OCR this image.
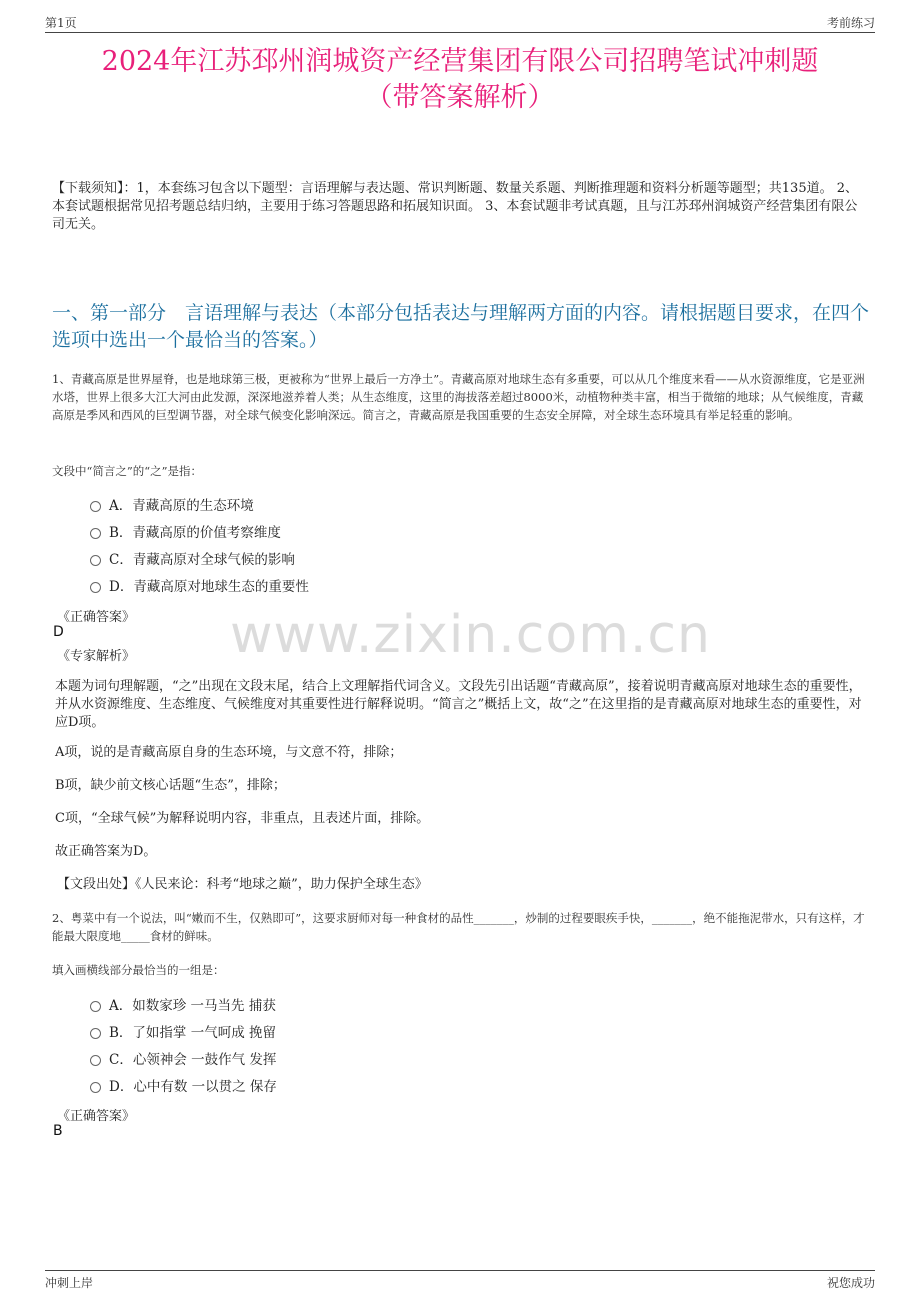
第1页	考前练习
2024年江苏邳州润城资产经营集团有限公司招聘笔试冲刺题
（带答案解析）
【下载须知】：1，本套练习包含以下题型：言语理解与表达题、常识判断题、数量关系题、判断推理题和资料分析题等题型；共135道。 2、本套试题根据常见招考题总结归纳，主要用于练习答题思路和拓展知识面。 3、本套试题非考试真题，且与江苏邳州润城资产经营集团有限公司无关。
一、第一部分　言语理解与表达（本部分包括表达与理解两方面的内容。请根据题目要求，在四个选项中选出一个最恰当的答案。）
1、青藏高原是世界屋脊，也是地球第三极，更被称为“世界上最后一方净土”。青藏高原对地球生态有多重要，可以从几个维度来看——从水资源维度，它是亚洲水塔，世界上很多大江大河由此发源，深深地滋养着人类；从生态维度，这里的海拔落差超过8000米，动植物种类丰富，相当于微缩的地球；从气候维度，青藏高原是季风和西风的巨型调节器，对全球气候变化影响深远。简言之，青藏高原是我国重要的生态安全屏障，对全球生态环境具有举足轻重的影响。
文段中“简言之”的“之”是指：
A．青藏高原的生态环境
B．青藏高原的价值考察维度
C．青藏高原对全球气候的影响
D．青藏高原对地球生态的重要性
《正确答案》
D
《专家解析》
本题为词句理解题，“之”出现在文段末尾，结合上文理解指代词含义。文段先引出话题“青藏高原”，接着说明青藏高原对地球生态的重要性，并从水资源维度、生态维度、气候维度对其重要性进行解释说明。“简言之”概括上文，故“之”在这里指的是青藏高原对地球生态的重要性，对应D项。
A项，说的是青藏高原自身的生态环境，与文意不符，排除；
B项，缺少前文核心话题“生态”，排除；
C项，“全球气候”为解释说明内容，非重点，且表述片面，排除。
故正确答案为D。
【文段出处】《人民来论：科考“地球之巅”，助力保护全球生态》
2、粤菜中有一个说法，叫“嫩而不生，仅熟即可”，这要求厨师对每一种食材的品性_______，炒制的过程要眼疾手快，_______，绝不能拖泥带水，只有这样，才能最大限度地_____食材的鲜味。
填入画横线部分最恰当的一组是：
A．如数家珍 一马当先 捕获
B．了如指掌 一气呵成 挽留
C．心领神会 一鼓作气 发挥
D．心中有数 一以贯之 保存
《正确答案》
B
www.zixin.com.cn
冲刺上岸	祝您成功
